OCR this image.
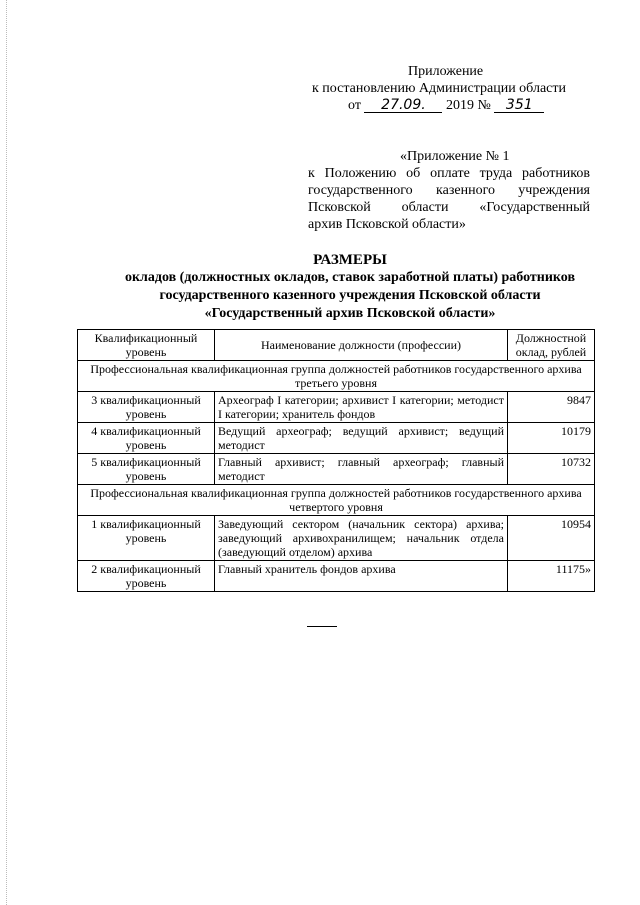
Приложение
к постановлению Администрации области
от 27.09. 2019 № 351
«Приложение № 1
к Положению об оплате труда работников
государственного казенного учреждения
Псковской области «Государственный
архив Псковской области»
РАЗМЕРЫ
окладов (должностных окладов, ставок заработной платы) работников
государственного казенного учреждения Псковской области
«Государственный архив Псковской области»
Квалификационный уровень	Наименование должности (профессии)	Должностной оклад, рублей
Профессиональная квалификационная группа должностей работников государственного архива третьего уровня		
3 квалификационный уровень	Археограф I категории; архивист I категории; методист I категории; хранитель фондов	9847
4 квалификационный уровень	Ведущий археограф; ведущий архивист; ведущий методист	10179
5 квалификационный уровень	Главный архивист; главный археограф; главный методист	10732
Профессиональная квалификационная группа должностей работников государственного архива четвертого уровня		
1 квалификационный уровень	Заведующий сектором (начальник сектора) архива; заведующий архивохранилищем; начальник отдела (заведующий отделом) архива	10954
2 квалификационный уровень	Главный хранитель фондов архива	11175»
